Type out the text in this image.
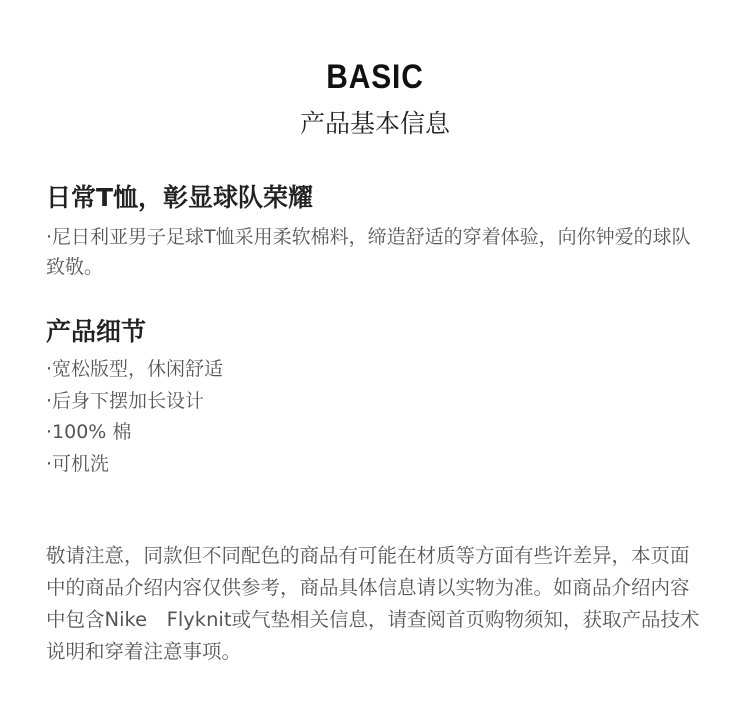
BASIC
产品基本信息
日常T恤，彰显球队荣耀

·尼日利亚男子足球T恤采用柔软棉料，缔造舒适的穿着体验，向你钟爱的球队致敬。

产品细节
·宽松版型，休闲舒适
·后身下摆加长设计
·100% 棉
·可机洗

敬请注意，同款但不同配色的商品有可能在材质等方面有些许差异，本页面中的商品介绍内容仅供参考，商品具体信息请以实物为准。如商品介绍内容中包含Nike　Flyknit或气垫相关信息，请查阅首页购物须知，获取产品技术说明和穿着注意事项。
